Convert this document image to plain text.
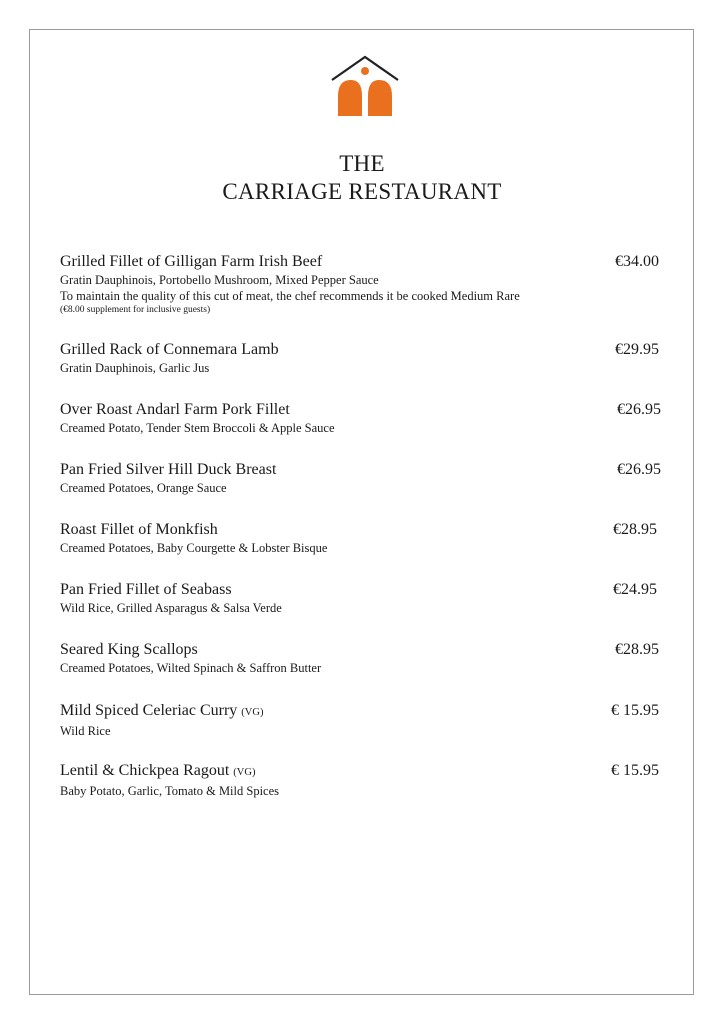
THE
CARRIAGE RESTAURANT
Grilled Fillet of Gilligan Farm Irish Beef	€34.00
Gratin Dauphinois, Portobello Mushroom, Mixed Pepper Sauce
To maintain the quality of this cut of meat, the chef recommends it be cooked Medium Rare
(€8.00 supplement for inclusive guests)
Grilled Rack of Connemara Lamb	€29.95
Gratin Dauphinois, Garlic Jus
Over Roast Andarl Farm Pork Fillet	€26.95
Creamed Potato, Tender Stem Broccoli & Apple Sauce
Pan Fried Silver Hill Duck Breast	€26.95
Creamed Potatoes, Orange Sauce
Roast Fillet of Monkfish	€28.95
Creamed Potatoes, Baby Courgette & Lobster Bisque
Pan Fried Fillet of Seabass	€24.95
Wild Rice, Grilled Asparagus & Salsa Verde
Seared King Scallops	€28.95
Creamed Potatoes, Wilted Spinach & Saffron Butter
Mild Spiced Celeriac Curry (VG)	€ 15.95
Wild Rice
Lentil & Chickpea Ragout (VG)	€ 15.95
Baby Potato, Garlic, Tomato & Mild Spices
